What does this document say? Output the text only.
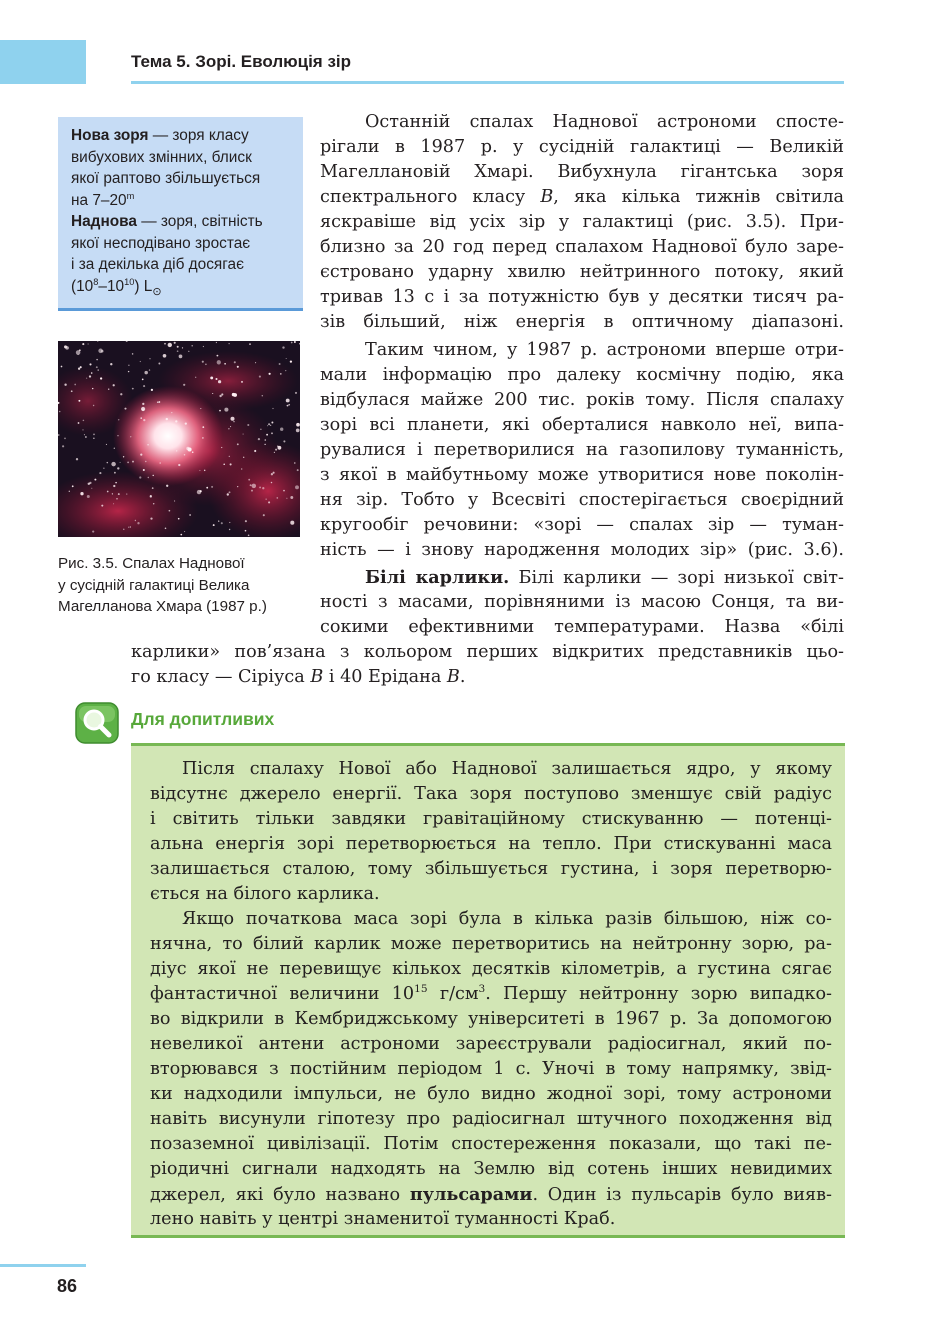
Тема 5. Зорі. Еволюція зір

Нова зоря — зоря класу
вибухових змінних, блиск
якої раптово збільшується
на 7–20$^m$

Наднова — зоря, світність
якої несподівано зростає
і за декілька діб досягає
$(10^8-10^{10})$ $L_⊙$

Рис. 3.5. Спалах Наднової
у сусідній галактиці Велика
Магелланова Хмара (1987 р.)
Останній спалах Наднової астрономи спосте-
рігали в 1987 р. у сусідній галактиці — Великій
Магеллановій Хмарі. Вибухнула гігантська зоря
спектрального класу B, яка кілька тижнів світила
яскравіше від усіх зір у галактиці (рис. 3.5). При-
близно за 20 год перед спалахом Наднової було заре-
єстровано ударну хвилю нейтринного потоку, який
тривав 13 с і за потужністю був у десятки тисяч ра-
зів більший, ніж енергія в оптичному діапазоні.
Таким чином, у 1987 р. астрономи вперше отри-
мали інформацію про далеку космічну подію, яка
відбулася майже 200 тис. років тому. Після спалаху
зорі всі планети, які оберталися навколо неї, випа-
рувалися і перетворилися на газопилову туманність,
з якої в майбутньому може утворитися нове поколін-
ня зір. Тобто у Всесвіті спостерігається своєрідний
кругообіг речовини: «зорі — спалах зір — туман-
ність — і знову народження молодих зір» (рис. 3.6).
Білі карлики. Білі карлики — зорі низької світ-
ності з масами, порівняними із масою Сонця, та ви-
сокими ефективними температурами. Назва «білі
карлики» пов’язана з кольором перших відкритих представників цьо-
го класу — Сіріуса B і 40 Ерідана B.
Для допитливих
Після спалаху Нової або Наднової залишається ядро, у якому
відсутнє джерело енергії. Така зоря поступово зменшує свій радіус
і світить тільки завдяки гравітаційному стискуванню — потенці-
альна енергія зорі перетворюється на тепло. При стискуванні маса
залишається сталою, тому збільшується густина, і зоря перетворю-
ється на білого карлика.
Якщо початкова маса зорі була в кілька разів більшою, ніж со-
нячна, то білий карлик може перетворитись на нейтронну зорю, ра-
діус якої не перевищує кількох десятків кілометрів, а густина сягає
фантастичної величини $10^{15}$ $г/см^3$. Першу нейтронну зорю випадко-
во відкрили в Кембриджському університеті в 1967 р. За допомогою
невеликої антени астрономи зареєстрували радіосигнал, який по-
вторювався з постійним періодом 1 с. Уночі в тому напрямку, звід-
ки надходили імпульси, не було видно жодної зорі, тому астрономи
навіть висунули гіпотезу про радіосигнал штучного походження від
позаземної цивілізації. Потім спостереження показали, що такі пе-
ріодичні сигнали надходять на Землю від сотень інших невидимих
джерел, які було названо пульсарами. Один із пульсарів було вияв-
лено навіть у центрі знаменитої туманності Краб.
86
